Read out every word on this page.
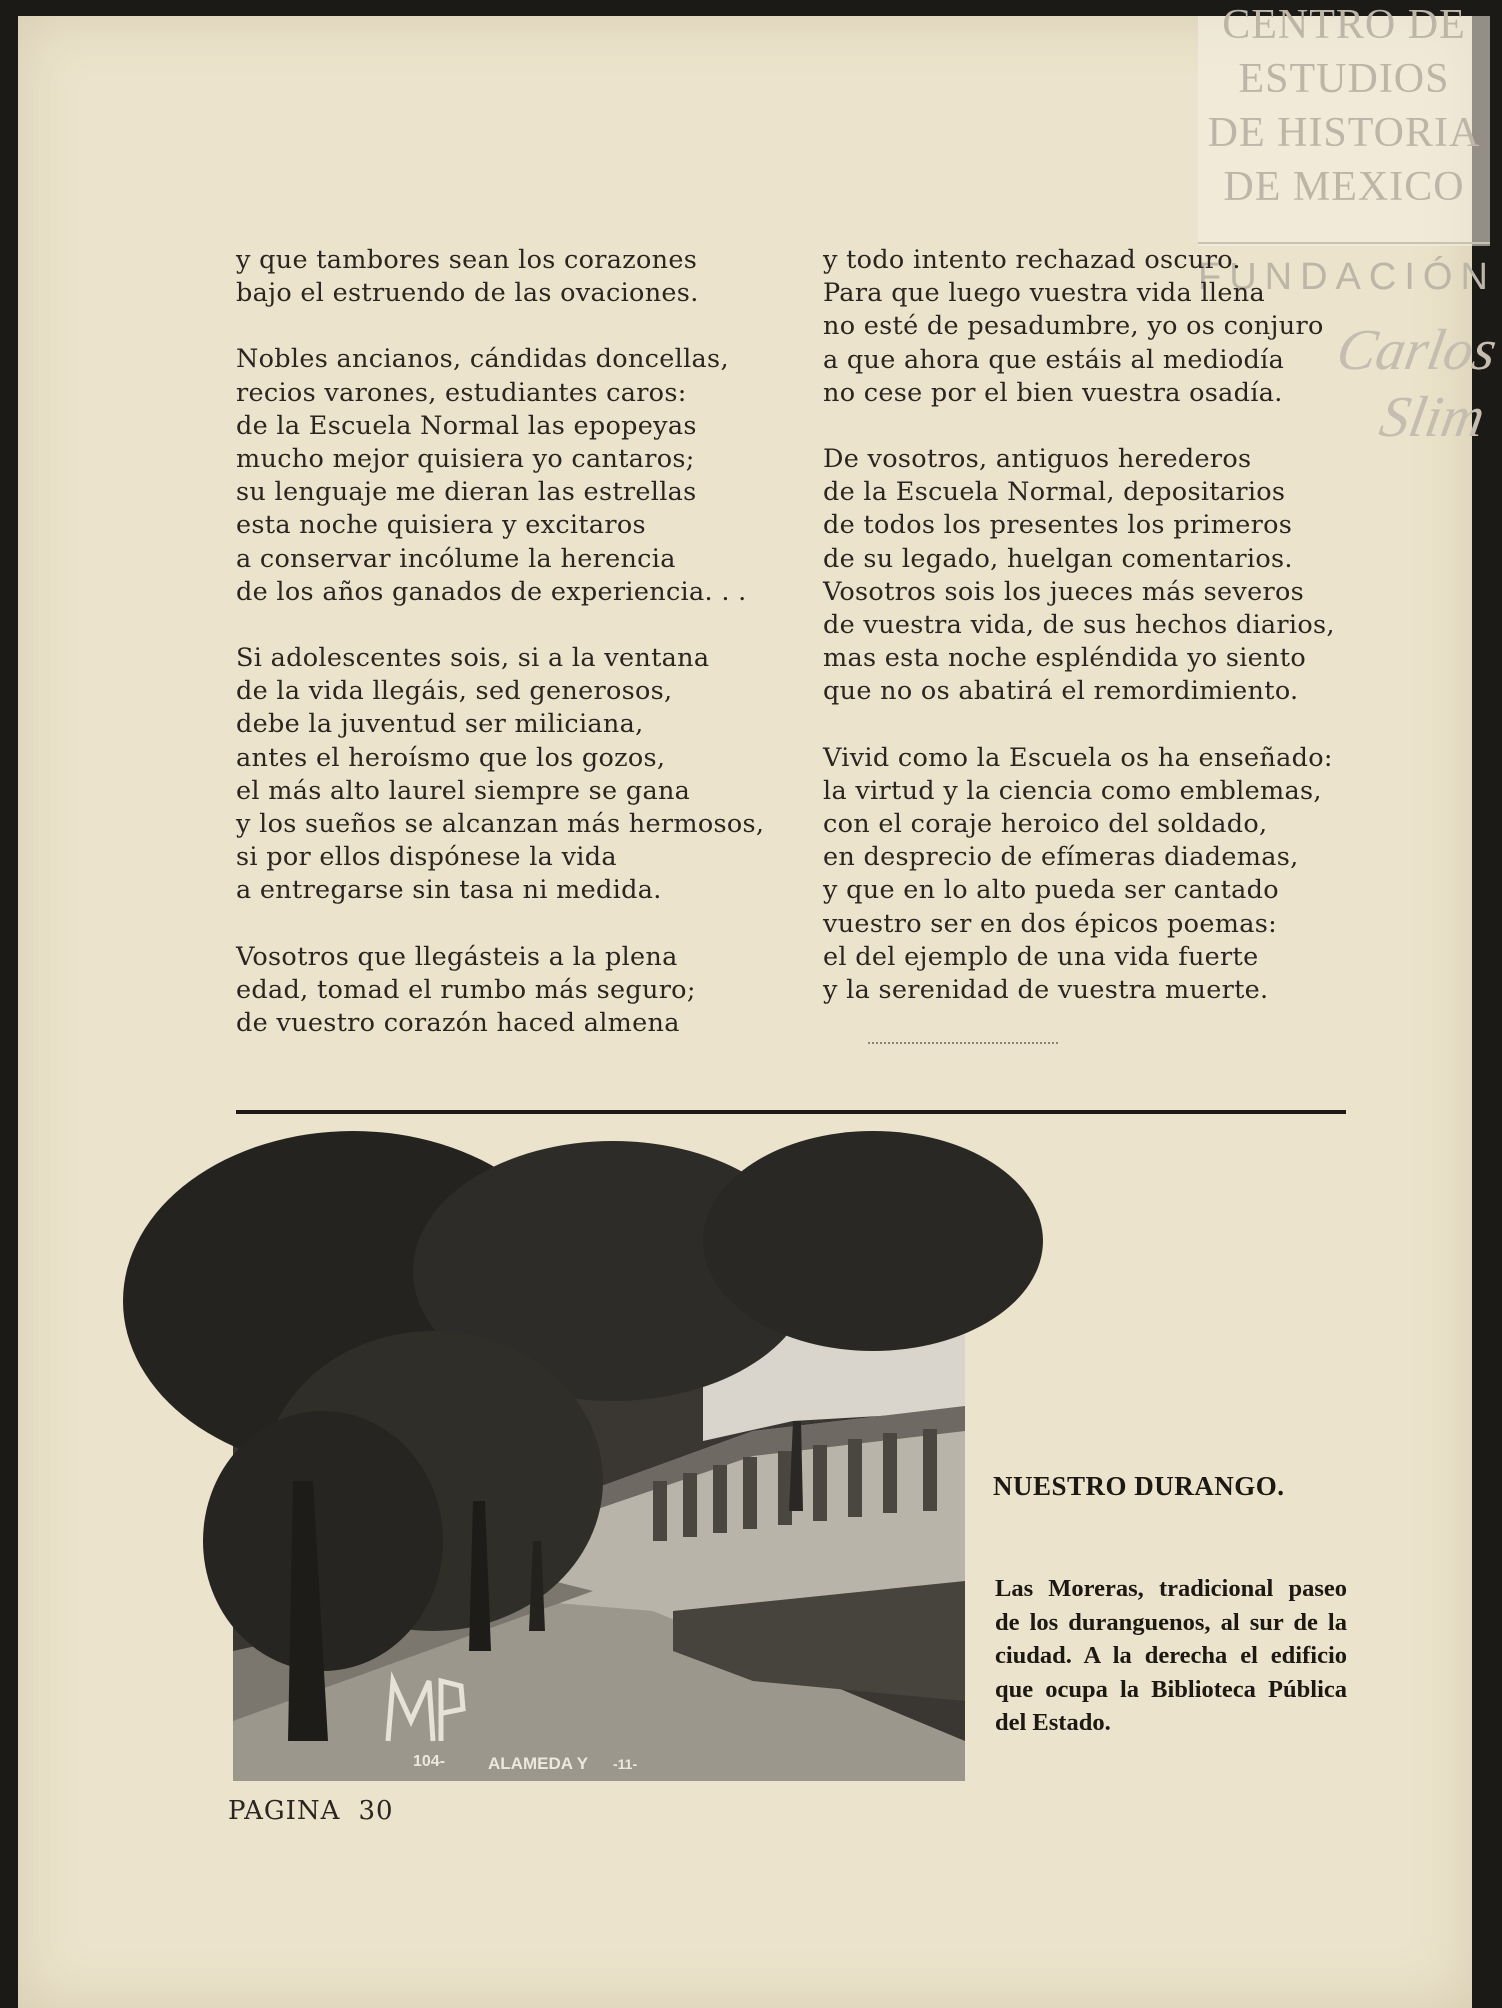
CENTRO DE
ESTUDIOS
DE HISTORIA
DE MEXICO
FUNDACIÓN
Carlos Slim
y que tambores sean los corazones
bajo el estruendo de las ovaciones.
Nobles ancianos, cándidas doncellas,
recios varones, estudiantes caros:
de la Escuela Normal las epopeyas
mucho mejor quisiera yo cantaros;
su lenguaje me dieran las estrellas
esta noche quisiera y excitaros
a conservar incólume la herencia
de los años ganados de experiencia. . .
Si adolescentes sois, si a la ventana
de la vida llegáis, sed generosos,
debe la juventud ser miliciana,
antes el heroísmo que los gozos,
el más alto laurel siempre se gana
y los sueños se alcanzan más hermosos,
si por ellos dispónese la vida
a entregarse sin tasa ni medida.
Vosotros que llegásteis a la plena
edad, tomad el rumbo más seguro;
de vuestro corazón haced almena
y todo intento rechazad oscuro.
Para que luego vuestra vida llena
no esté de pesadumbre, yo os conjuro
a que ahora que estáis al mediodía
no cese por el bien vuestra osadía.
De vosotros, antiguos herederos
de la Escuela Normal, depositarios
de todos los presentes los primeros
de su legado, huelgan comentarios.
Vosotros sois los jueces más severos
de vuestra vida, de sus hechos diarios,
mas esta noche espléndida yo siento
que no os abatirá el remordimiento.
Vivid como la Escuela os ha enseñado:
la virtud y la ciencia como emblemas,
con el coraje heroico del soldado,
en desprecio de efímeras diademas,
y que en lo alto pueda ser cantado
vuestro ser en dos épicos poemas:
el del ejemplo de una vida fuerte
y la serenidad de vuestra muerte.
104-	ALAMEDA Y -11-
NUESTRO DURANGO.
Las Moreras, tradicional paseo de los duranguenos, al sur de la ciudad. A la derecha el edificio que ocupa la Biblioteca Pública del Estado.
PAGINA 30
